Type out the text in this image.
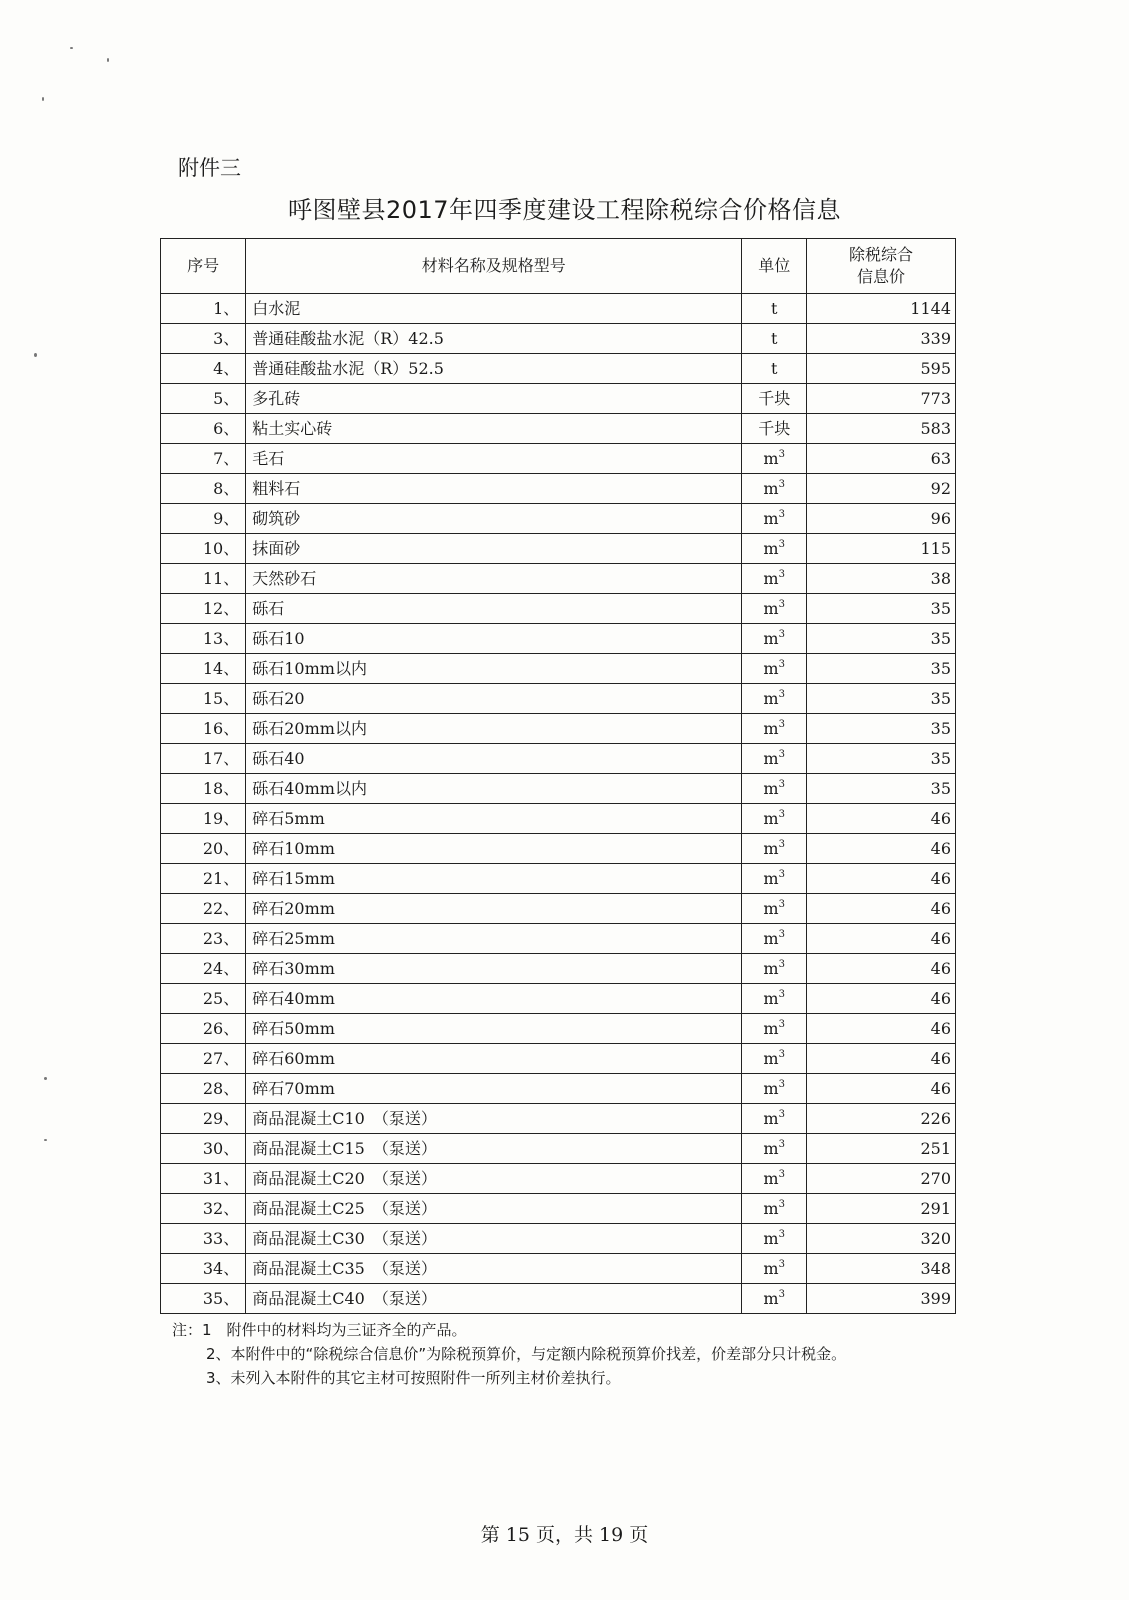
附件三
呼图壁县2017年四季度建设工程除税综合价格信息
序号	材料名称及规格型号	单位	除税综合
信息价

1、	白水泥	t	1144
3、	普通硅酸盐水泥（R）42.5	t	339
4、	普通硅酸盐水泥（R）52.5	t	595
5、	多孔砖	千块	773
6、	粘土实心砖	千块	583
7、	毛石	$m^3$	63
8、	粗料石	$m^3$	92
9、	砌筑砂	$m^3$	96
10、	抹面砂	$m^3$	115
11、	天然砂石	$m^3$	38
12、	砾石	$m^3$	35
13、	砾石10	$m^3$	35
14、	砾石10mm以内	$m^3$	35
15、	砾石20	$m^3$	35
16、	砾石20mm以内	$m^3$	35
17、	砾石40	$m^3$	35
18、	砾石40mm以内	$m^3$	35
19、	碎石5mm	$m^3$	46
20、	碎石10mm	$m^3$	46
21、	碎石15mm	$m^3$	46
22、	碎石20mm	$m^3$	46
23、	碎石25mm	$m^3$	46
24、	碎石30mm	$m^3$	46
25、	碎石40mm	$m^3$	46
26、	碎石50mm	$m^3$	46
27、	碎石60mm	$m^3$	46
28、	碎石70mm	$m^3$	46
29、	商品混凝土C10　（泵送）	$m^3$	226
30、	商品混凝土C15　（泵送）	$m^3$	251
31、	商品混凝土C20　（泵送）	$m^3$	270
32、	商品混凝土C25　（泵送）	$m^3$	291
33、	商品混凝土C30　（泵送）	$m^3$	320
34、	商品混凝土C35　（泵送）	$m^3$	348
35、	商品混凝土C40　（泵送）	$m^3$	399

注：1　附件中的材料均为三证齐全的产品。

2、本附件中的“除税综合信息价”为除税预算价，与定额内除税预算价找差，价差部分只计税金。

3、未列入本附件的其它主材可按照附件一所列主材价差执行。

第 15 页，共 19 页
